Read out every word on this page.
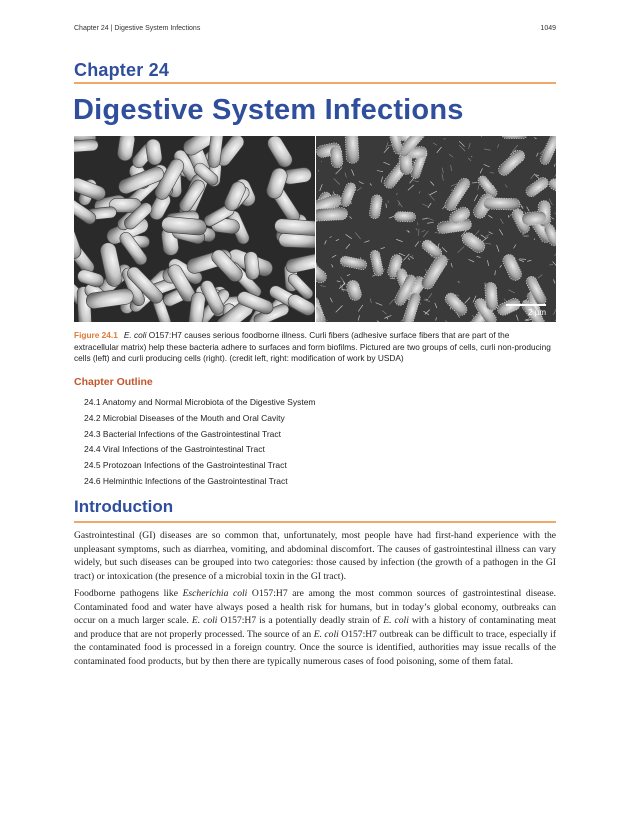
Chapter 24 | Digestive System Infections	1049
Chapter 24
Digestive System Infections
2 µm

Figure 24.1 E. coli O157:H7 causes serious foodborne illness. Curli fibers (adhesive surface fibers that are part of the extracellular matrix) help these bacteria adhere to surfaces and form biofilms. Pictured are two groups of cells, curli non-producing cells (left) and curli producing cells (right). (credit left, right: modification of work by USDA)

Chapter Outline
24.1 Anatomy and Normal Microbiota of the Digestive System
24.2 Microbial Diseases of the Mouth and Oral Cavity
24.3 Bacterial Infections of the Gastrointestinal Tract
24.4 Viral Infections of the Gastrointestinal Tract
24.5 Protozoan Infections of the Gastrointestinal Tract
24.6 Helminthic Infections of the Gastrointestinal Tract
Introduction

Gastrointestinal (GI) diseases are so common that, unfortunately, most people have had first-hand experience with the unpleasant symptoms, such as diarrhea, vomiting, and abdominal discomfort. The causes of gastrointestinal illness can vary widely, but such diseases can be grouped into two categories: those caused by infection (the growth of a pathogen in the GI tract) or intoxication (the presence of a microbial toxin in the GI tract).

Foodborne pathogens like Escherichia coli O157:H7 are among the most common sources of gastrointestinal disease. Contaminated food and water have always posed a health risk for humans, but in today’s global economy, outbreaks can occur on a much larger scale. E. coli O157:H7 is a potentially deadly strain of E. coli with a history of contaminating meat and produce that are not properly processed. The source of an E. coli O157:H7 outbreak can be difficult to trace, especially if the contaminated food is processed in a foreign country. Once the source is identified, authorities may issue recalls of the contaminated food products, but by then there are typically numerous cases of food poisoning, some of them fatal.
